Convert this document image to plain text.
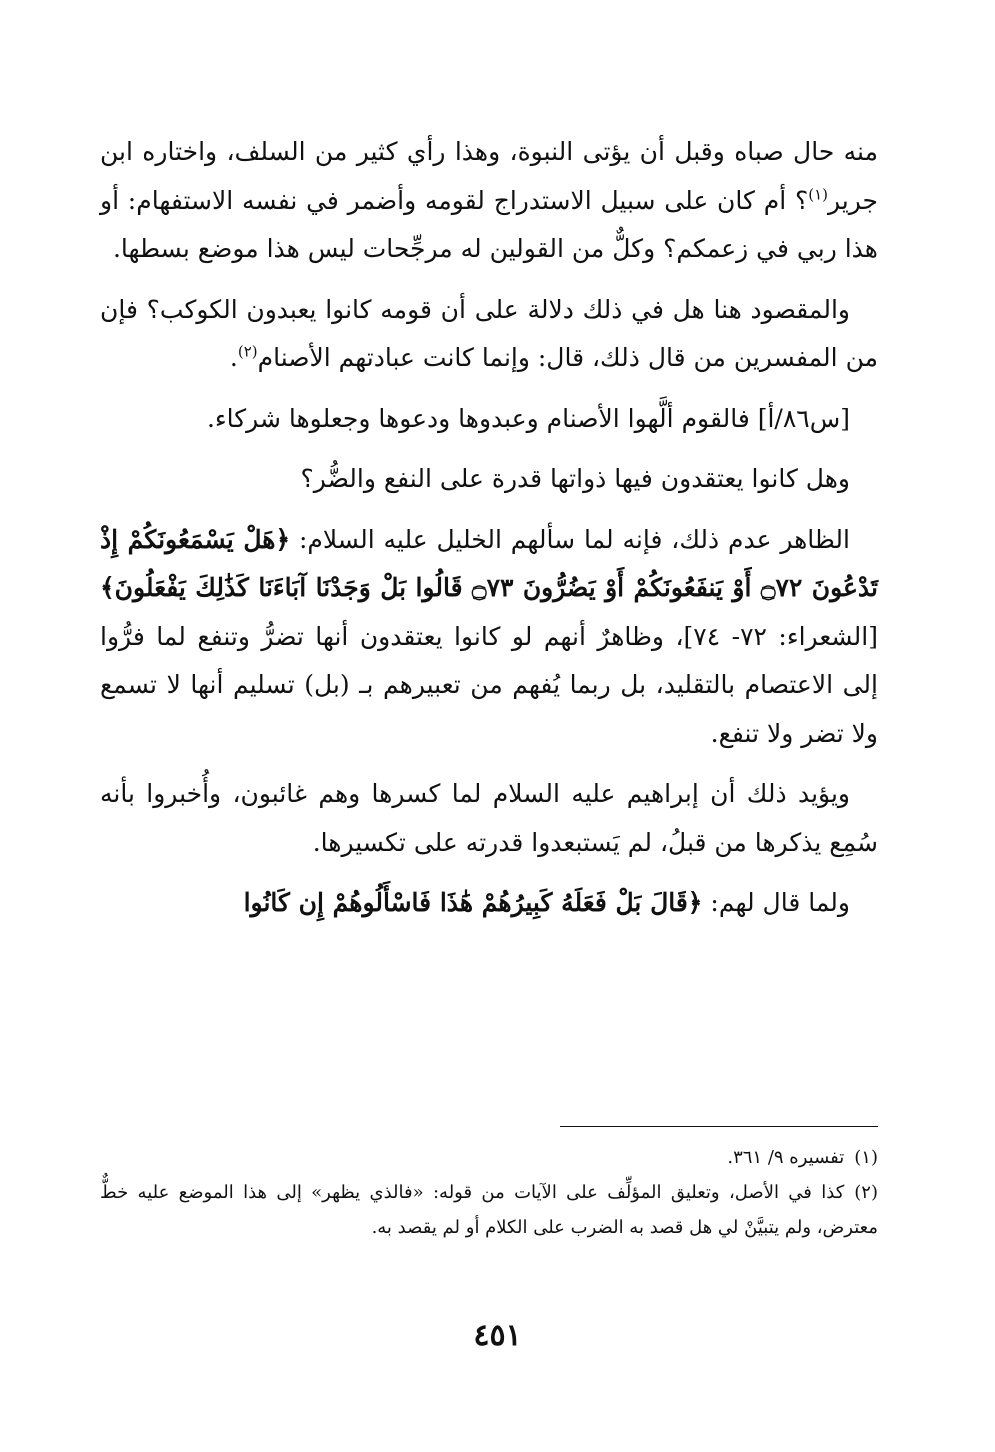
منه حال صباه وقبل أن يؤتى النبوة، وهذا رأي كثير من السلف، واختاره ابن جرير$^{(١)}$؟ أم كان على سبيل الاستدراج لقومه وأضمر في نفسه الاستفهام: أو هذا ربي في زعمكم؟ وكلٌّ من القولين له مرجِّحات ليس هذا موضع بسطها.

والمقصود هنا هل في ذلك دلالة على أن قومه كانوا يعبدون الكوكب؟ فإن من المفسرين من قال ذلك، قال: وإنما كانت عبادتهم الأصنام$^{(٢)}$.

[س٨٦/أ] فالقوم ألَّهوا الأصنام وعبدوها ودعوها وجعلوها شركاء.

وهل كانوا يعتقدون فيها ذواتها قدرة على النفع والضُّر؟

الظاهر عدم ذلك، فإنه لما سألهم الخليل عليه السلام: ﴿هَلْ يَسْمَعُونَكُمْ إِذْ تَدْعُونَ ۝٧٢ أَوْ يَنفَعُونَكُمْ أَوْ يَضُرُّونَ ۝٧٣ قَالُوا بَلْ وَجَدْنَا آبَاءَنَا كَذَٰلِكَ يَفْعَلُونَ﴾ [الشعراء: ٧٢- ٧٤]، وظاهرٌ أنهم لو كانوا يعتقدون أنها تضرُّ وتنفع لما فرُّوا إلى الاعتصام بالتقليد، بل ربما يُفهم من تعبيرهم بـ (بل) تسليم أنها لا تسمع ولا تضر ولا تنفع.

ويؤيد ذلك أن إبراهيم عليه السلام لما كسرها وهم غائبون، وأُخبروا بأنه سُمِع يذكرها من قبلُ، لم يَستبعدوا قدرته على تكسيرها.

ولما قال لهم: ﴿قَالَ بَلْ فَعَلَهُ كَبِيرُهُمْ هَٰذَا فَاسْأَلُوهُمْ إِن كَانُوا

(١)تفسيره ٩/ ٣٦١.

(٢)كذا في الأصل، وتعليق المؤلِّف على الآيات من قوله: «فالذي يظهر» إلى هذا الموضع عليه خطٌّ معترض، ولم يتبيَّنْ لي هل قصد به الضرب على الكلام أو لم يقصد به.

٤٥١
